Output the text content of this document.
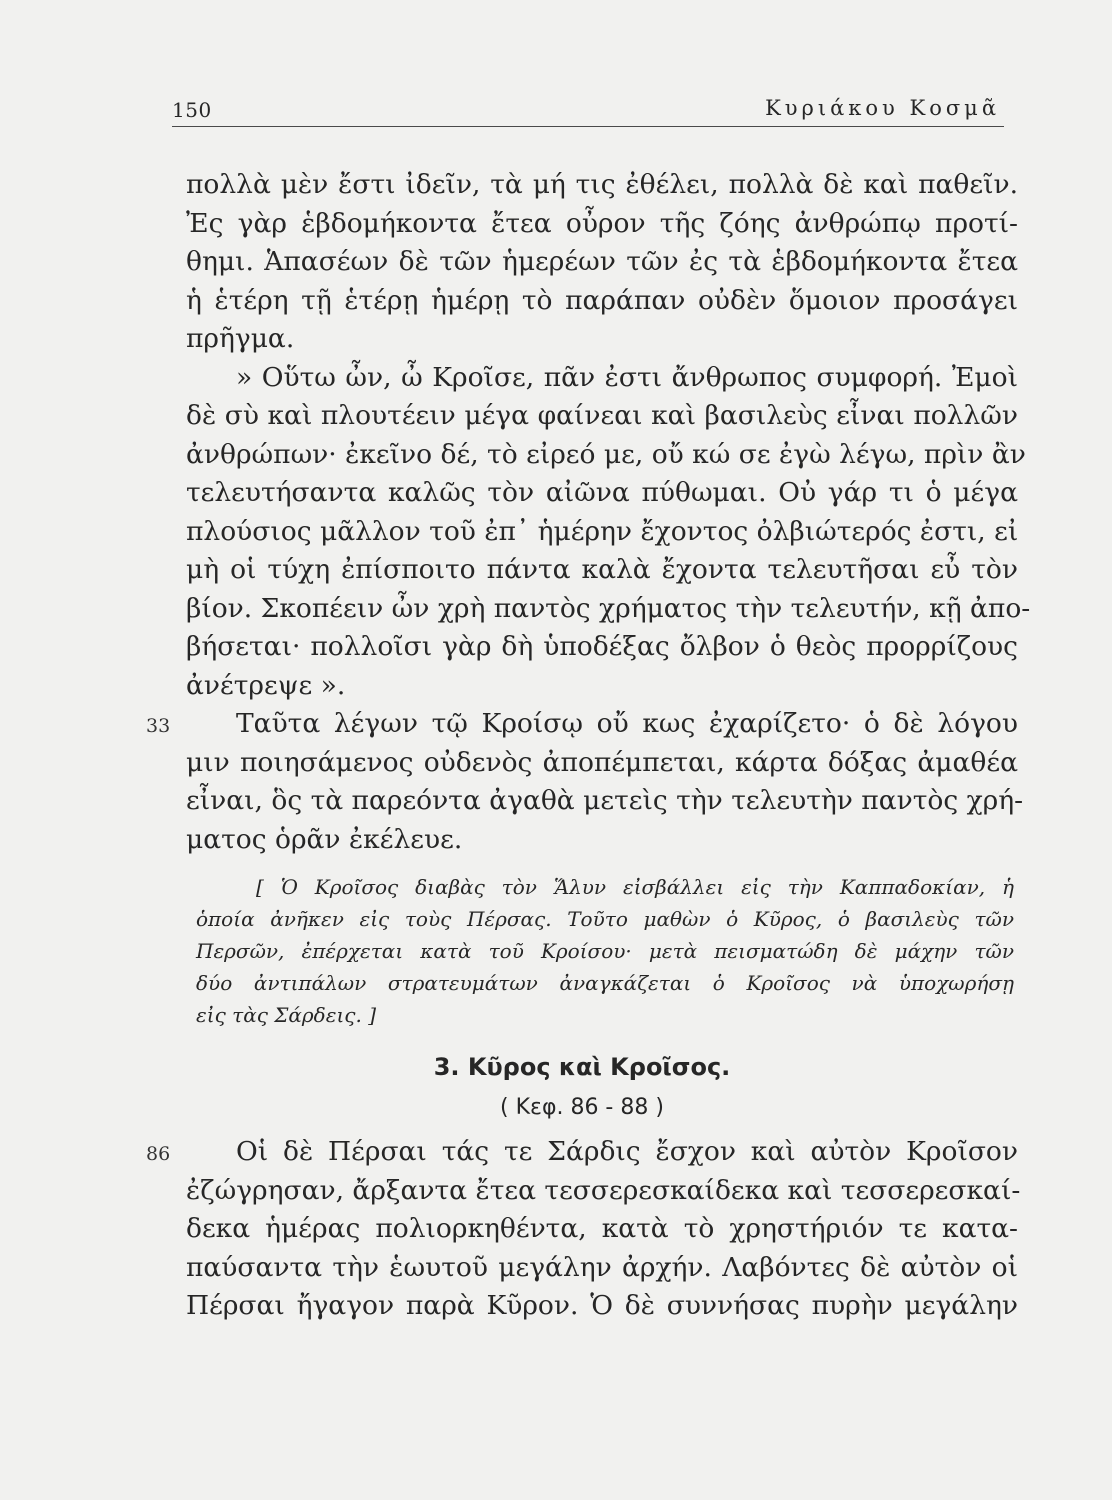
150	Κυριάκου Κοσμᾶ
πολλὰ μὲν ἔστι ἰδεῖν, τὰ μή τις ἐθέλει, πολλὰ δὲ καὶ παθεῖν.
Ἐς γὰρ ἑβδομήκοντα ἔτεα οὖρον τῆς ζόης ἀνθρώπῳ προτί-
θημι. Ἁπασέων δὲ τῶν ἡμερέων τῶν ἐς τὰ ἑβδομήκοντα ἔτεα
ἡ ἑτέρη τῇ ἑτέρῃ ἡμέρῃ τὸ παράπαν οὐδὲν ὅμοιον προσάγει
πρῆγμα.
» Οὕτω ὦν, ὦ Κροῖσε, πᾶν ἐστι ἄνθρωπος συμφορή. Ἐμοὶ
δὲ σὺ καὶ πλουτέειν μέγα φαίνεαι καὶ βασιλεὺς εἶναι πολλῶν
ἀνθρώπων· ἐκεῖνο δέ, τὸ εἰρεό με, οὔ κώ σε ἐγὼ λέγω, πρὶν ἂν
τελευτήσαντα καλῶς τὸν αἰῶνα πύθωμαι. Οὐ γάρ τι ὁ μέγα
πλούσιος μᾶλλον τοῦ ἐπ᾽ ἡμέρην ἔχοντος ὀλβιώτερός ἐστι, εἰ
μὴ οἱ τύχη ἐπίσποιτο πάντα καλὰ ἔχοντα τελευτῆσαι εὖ τὸν
βίον. Σκοπέειν ὦν χρὴ παντὸς χρήματος τὴν τελευτήν, κῇ ἀπο-
βήσεται· πολλοῖσι γὰρ δὴ ὑποδέξας ὄλβον ὁ θεὸς προρρίζους
ἀνέτρεψε ».
33 Ταῦτα λέγων τῷ Κροίσῳ οὔ κως ἐχαρίζετο· ὁ δὲ λόγου
μιν ποιησάμενος οὐδενὸς ἀποπέμπεται, κάρτα δόξας ἀμαθέα
εἶναι, ὃς τὰ παρεόντα ἀγαθὰ μετεὶς τὴν τελευτὴν παντὸς χρή-
ματος ὁρᾶν ἐκέλευε.
[ Ὁ Κροῖσος διαβὰς τὸν Ἅλυν εἰσβάλλει εἰς τὴν Καππαδοκίαν, ἡ
ὁποία ἀνῆκεν εἰς τοὺς Πέρσας. Τοῦτο μαθὼν ὁ Κῦρος, ὁ βασιλεὺς τῶν
Περσῶν, ἐπέρχεται κατὰ τοῦ Κροίσου· μετὰ πεισματώδη δὲ μάχην τῶν
δύο ἀντιπάλων στρατευμάτων ἀναγκάζεται ὁ Κροῖσος νὰ ὑποχωρήσῃ
εἰς τὰς Σάρδεις. ]
3. Κῦρος καὶ Κροῖσος.
( Κεφ. 86 - 88 )
86 Οἱ δὲ Πέρσαι τάς τε Σάρδις ἔσχον καὶ αὐτὸν Κροῖσον
ἐζώγρησαν, ἄρξαντα ἔτεα τεσσερεσκαίδεκα καὶ τεσσερεσκαί-
δεκα ἡμέρας πολιορκηθέντα, κατὰ τὸ χρηστήριόν τε κατα-
παύσαντα τὴν ἑωυτοῦ μεγάλην ἀρχήν. Λαβόντες δὲ αὐτὸν οἱ
Πέρσαι ἤγαγον παρὰ Κῦρον. Ὁ δὲ συννήσας πυρὴν μεγάλην
